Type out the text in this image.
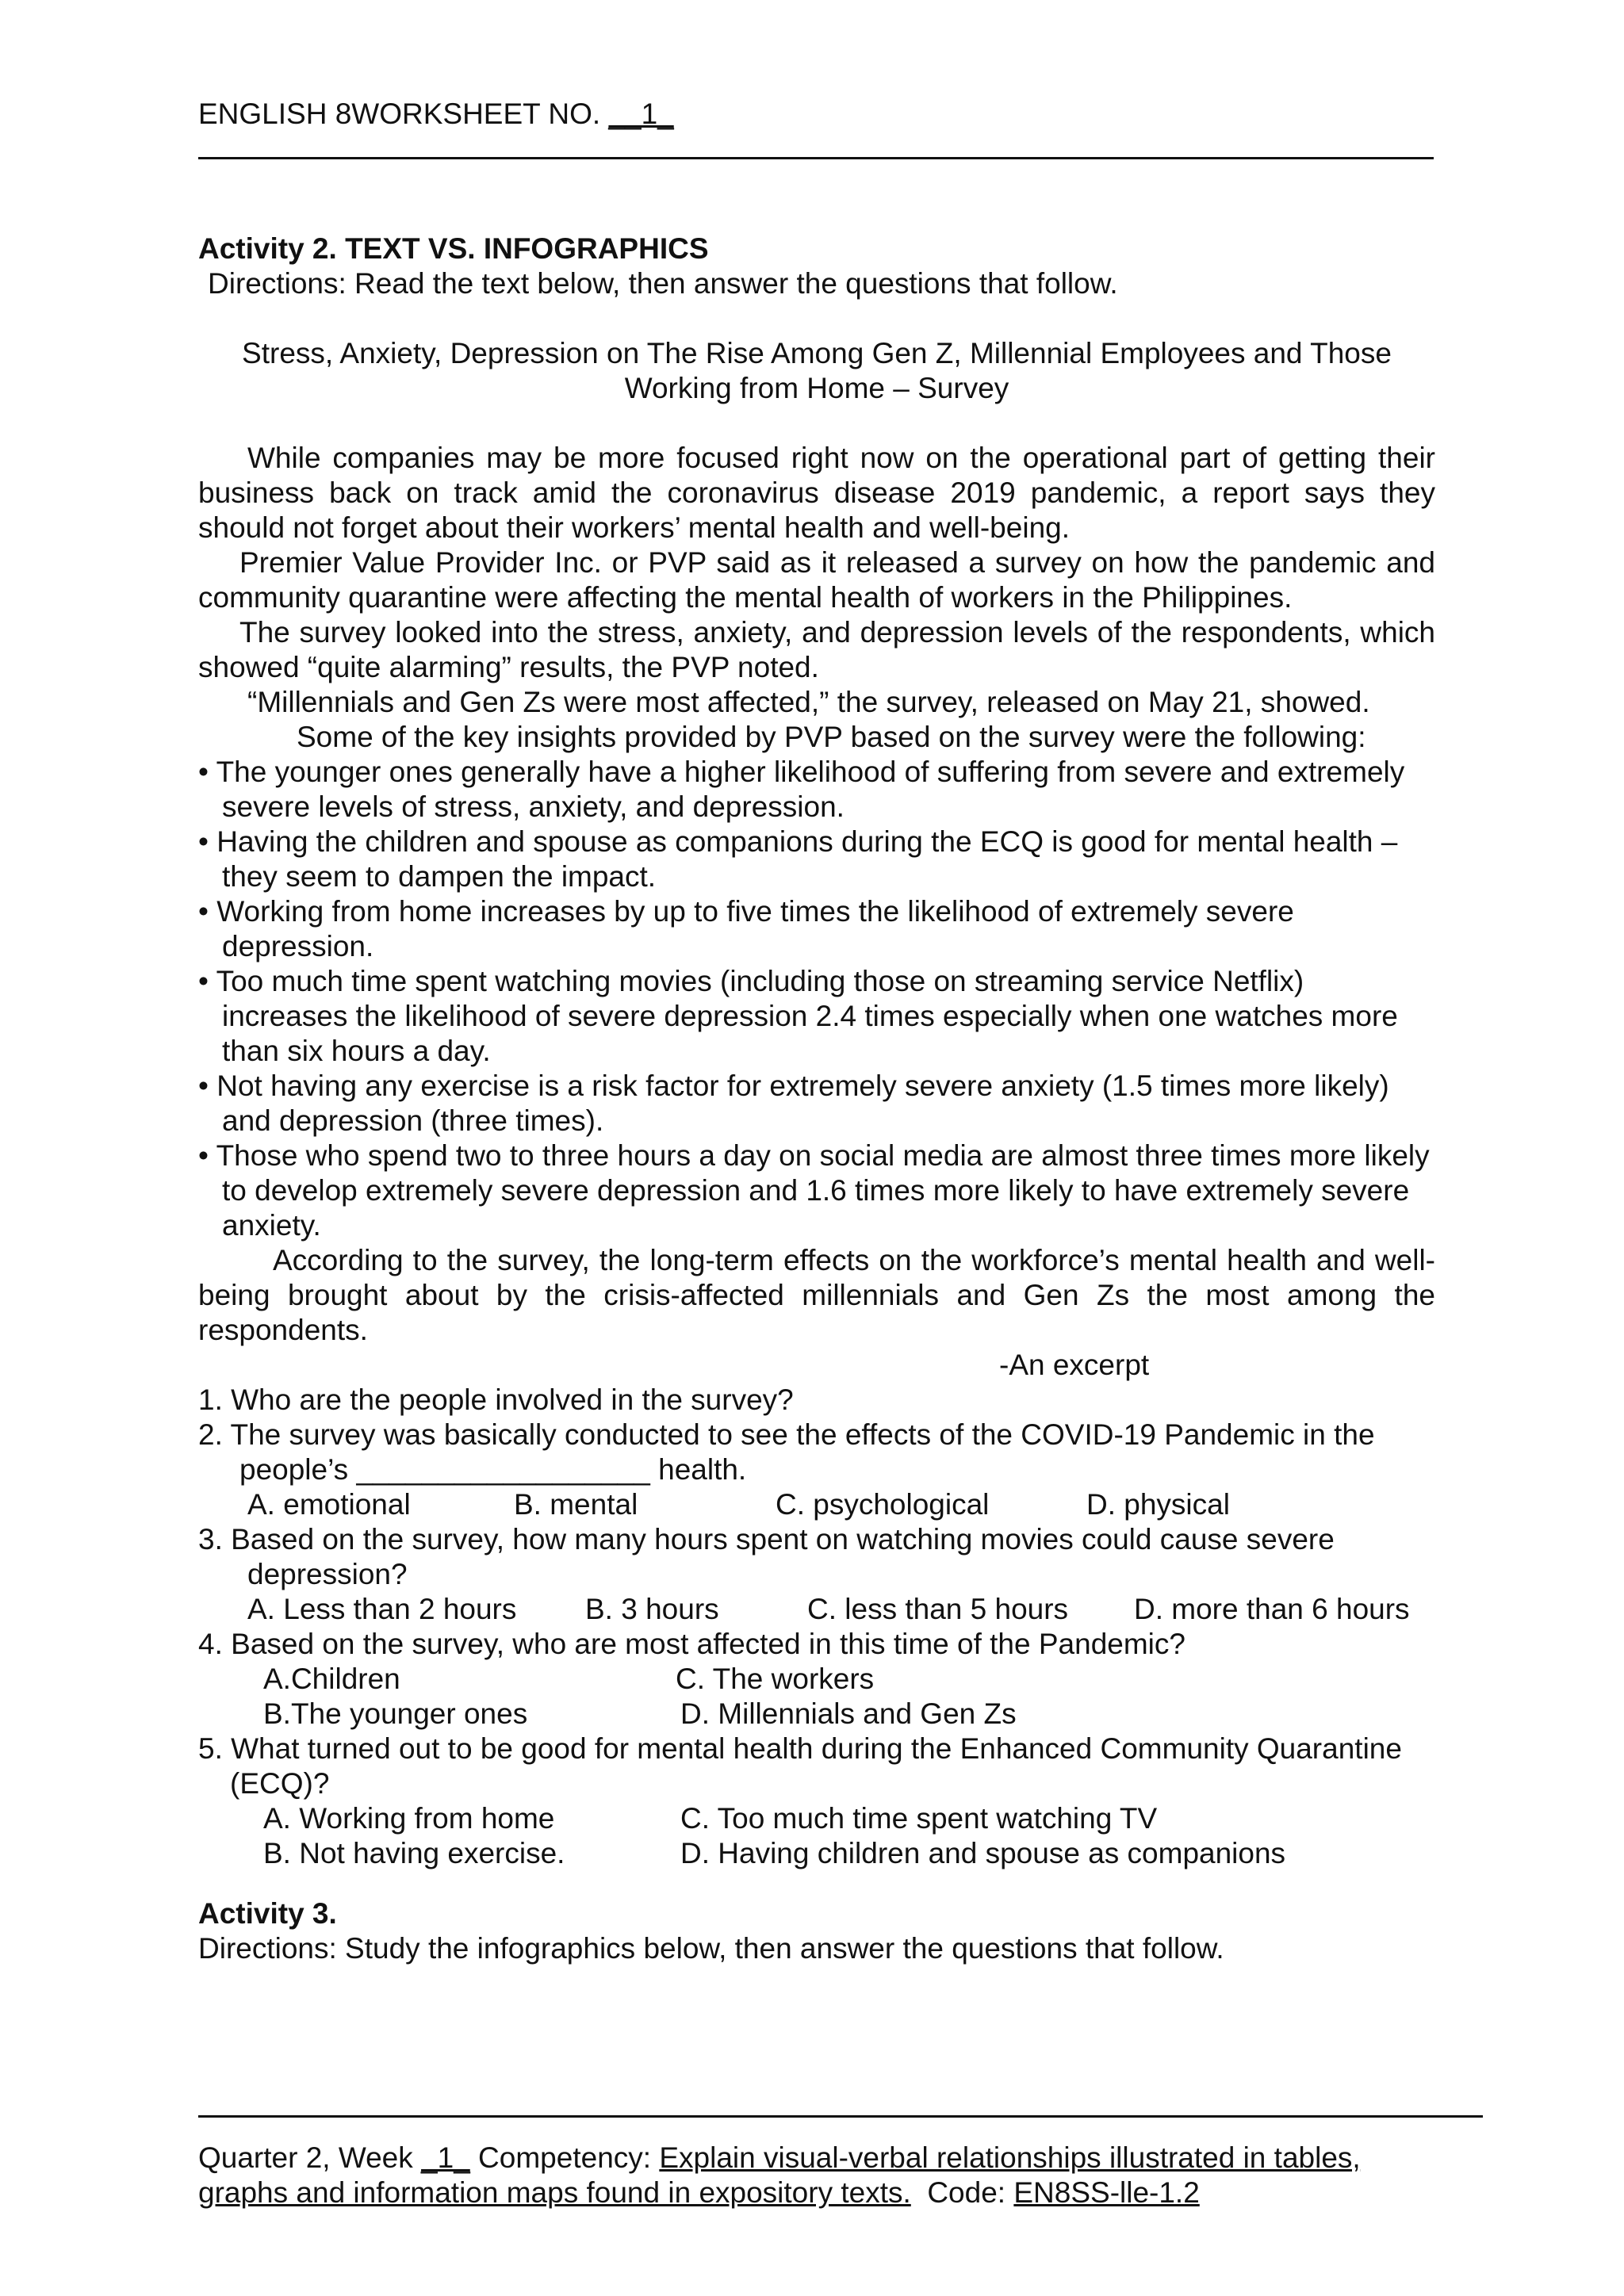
ENGLISH 8WORKSHEET NO. __1_
Activity 2. TEXT VS. INFOGRAPHICS
Directions: Read the text below, then answer the questions that follow.
Stress, Anxiety, Depression on The Rise Among Gen Z, Millennial Employees and Those
Working from Home – Survey
While companies may be more focused right now on the operational part of getting their business back on track amid the coronavirus disease 2019 pandemic, a report says they should not forget about their workers’ mental health and well-being.
Premier Value Provider Inc. or PVP said as it released a survey on how the pandemic and community quarantine were affecting the mental health of workers in the Philippines.
The survey looked into the stress, anxiety, and depression levels of the respondents, which showed “quite alarming” results, the PVP noted.
“Millennials and Gen Zs were most affected,” the survey, released on May 21, showed.
Some of the key insights provided by PVP based on the survey were the following:
• The younger ones generally have a higher likelihood of suffering from severe and extremely severe levels of stress, anxiety, and depression.
• Having the children and spouse as companions during the ECQ is good for mental health – they seem to dampen the impact.
• Working from home increases by up to five times the likelihood of extremely severe depression.
• Too much time spent watching movies (including those on streaming service Netflix) increases the likelihood of severe depression 2.4 times especially when one watches more than six hours a day.
• Not having any exercise is a risk factor for extremely severe anxiety (1.5 times more likely) and depression (three times).
• Those who spend two to three hours a day on social media are almost three times more likely to develop extremely severe depression and 1.6 times more likely to have extremely severe anxiety.
According to the survey, the long-term effects on the workforce’s mental health and well-being brought about by the crisis-affected millennials and Gen Zs the most among the respondents.
-An excerpt
1. Who are the people involved in the survey?
2. The survey was basically conducted to see the effects of the COVID-19 Pandemic in the
people’s __________________ health.
A. emotional	B. mental	C. psychological	D. physical
3. Based on the survey, how many hours spent on watching movies could cause severe
depression?
A. Less than 2 hours	B. 3 hours	C. less than 5 hours	D. more than 6 hours
4. Based on the survey, who are most affected in this time of the Pandemic?
A.Children	C. The workers
B.The younger ones	D. Millennials and Gen Zs
5. What turned out to be good for mental health during the Enhanced Community Quarantine
(ECQ)?
A. Working from home	C. Too much time spent watching TV
B. Not having exercise.	D. Having children and spouse as companions
Activity 3.
Directions: Study the infographics below, then answer the questions that follow.
Quarter 2, Week _1_ Competency: Explain visual-verbal relationships illustrated in tables,
graphs and information maps found in expository texts.  Code: EN8SS-lle-1.2
